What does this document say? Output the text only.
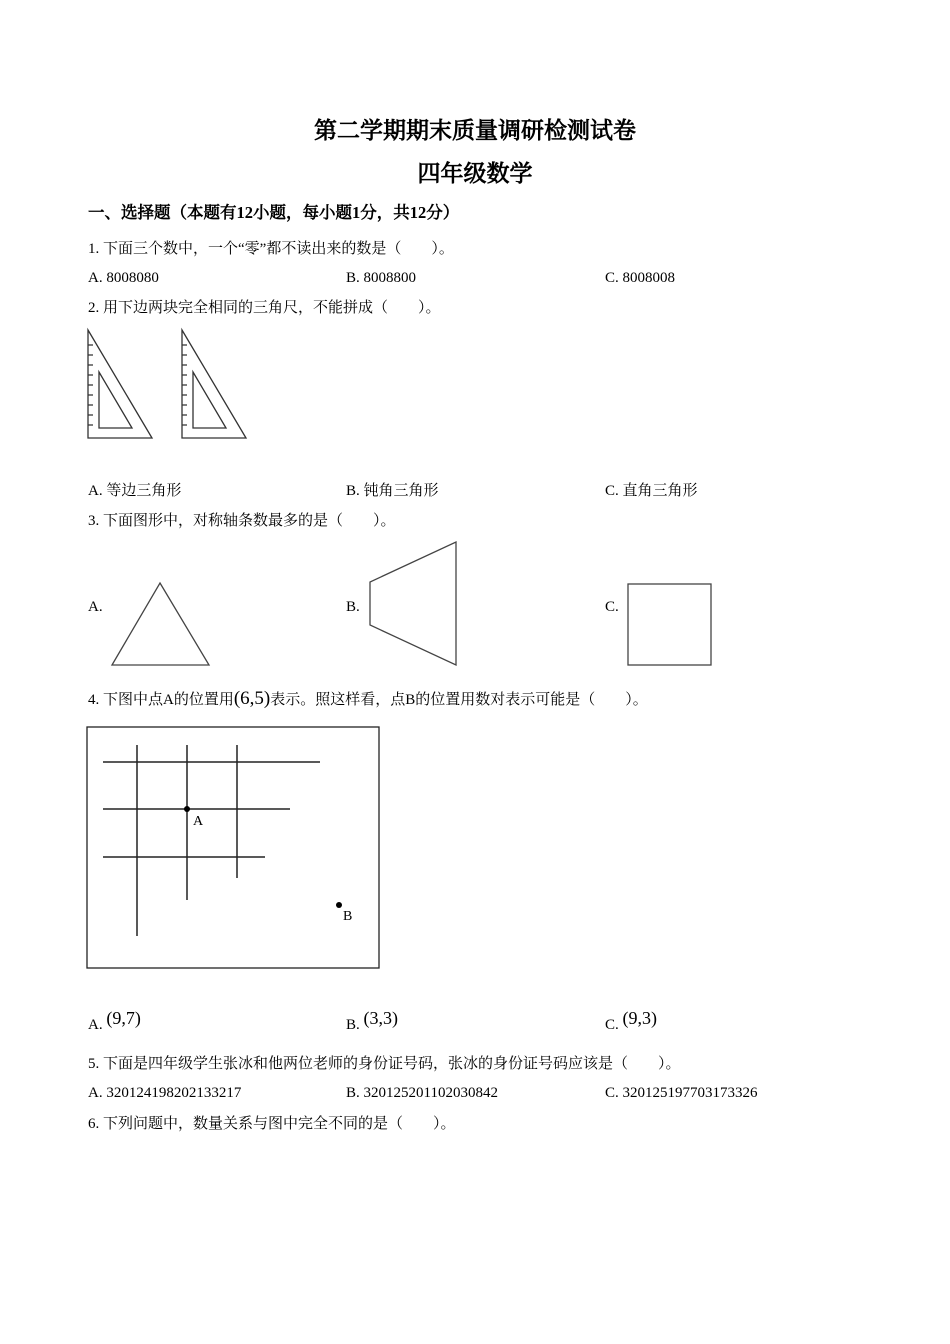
第二学期期末质量调研检测试卷
四年级数学
一、选择题（本题有12小题，每小题1分，共12分）
1. 下面三个数中，一个“零”都不读出来的数是（　　）。
A. 8008080	B. 8008800	C. 8008008
2. 用下边两块完全相同的三角尺，不能拼成（　　）。
A. 等边三角形	B. 钝角三角形	C. 直角三角形
3. 下面图形中，对称轴条数最多的是（　　）。
A.	B.	C.
4. 下图中点A的位置用(6,5)表示。照这样看，点B的位置用数对表示可能是（　　）。
A
B
A. (9,7)	B. (3,3)	C. (9,3)
5. 下面是四年级学生张冰和他两位老师的身份证号码，张冰的身份证号码应该是（　　）。
A. 320124198202133217	B. 320125201102030842	C. 320125197703173326
6. 下列问题中，数量关系与图中完全不同的是（　　）。
